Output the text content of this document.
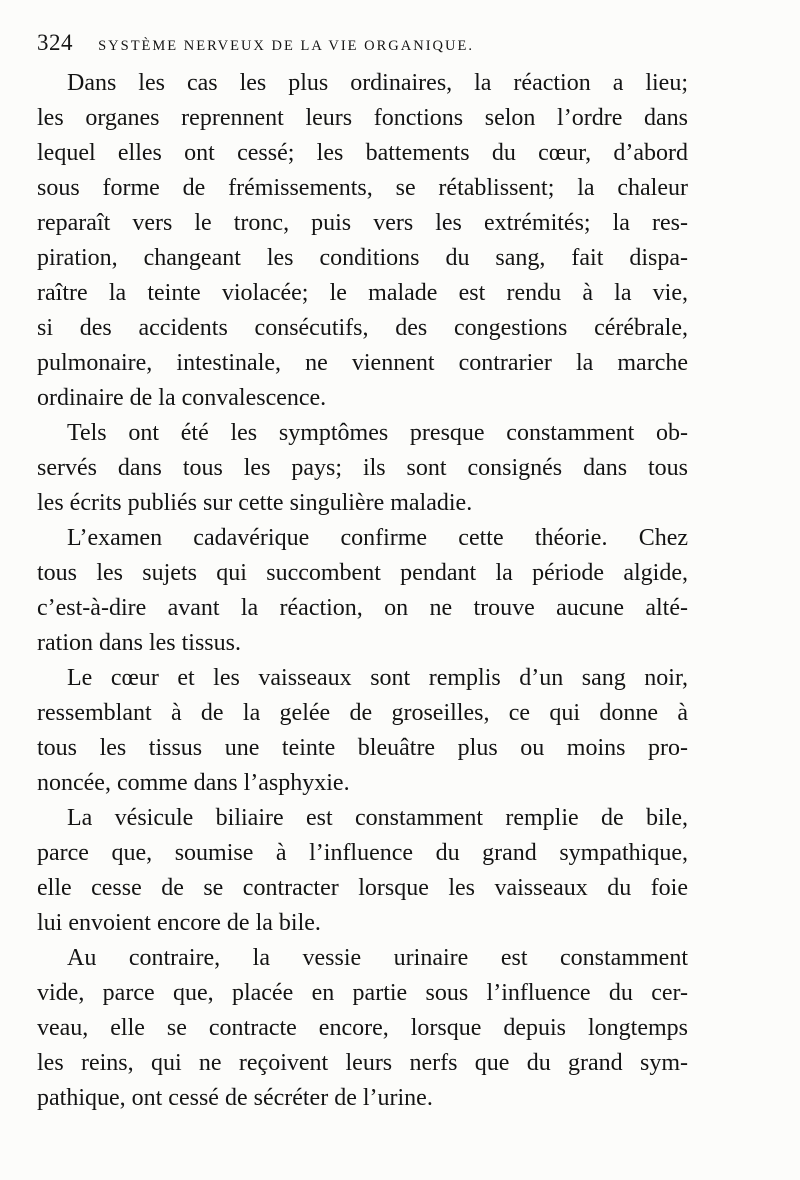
324 SYSTÈME NERVEUX DE LA VIE ORGANIQUE.

Dans les cas les plus ordinaires, la réaction a lieu;
les organes reprennent leurs fonctions selon l’ordre dans
lequel elles ont cessé; les battements du cœur, d’abord
sous forme de frémissements, se rétablissent; la chaleur
reparaît vers le tronc, puis vers les extrémités; la res-
piration, changeant les conditions du sang, fait dispa-
raître la teinte violacée; le malade est rendu à la vie,
si des accidents consécutifs, des congestions cérébrale,
pulmonaire, intestinale, ne viennent contrarier la marche
ordinaire de la convalescence.

Tels ont été les symptômes presque constamment ob-
servés dans tous les pays; ils sont consignés dans tous
les écrits publiés sur cette singulière maladie.

L’examen cadavérique confirme cette théorie. Chez
tous les sujets qui succombent pendant la période algide,
c’est-à-dire avant la réaction, on ne trouve aucune alté-
ration dans les tissus.

Le cœur et les vaisseaux sont remplis d’un sang noir,
ressemblant à de la gelée de groseilles, ce qui donne à
tous les tissus une teinte bleuâtre plus ou moins pro-
noncée, comme dans l’asphyxie.

La vésicule biliaire est constamment remplie de bile,
parce que, soumise à l’influence du grand sympathique,
elle cesse de se contracter lorsque les vaisseaux du foie
lui envoient encore de la bile.

Au contraire, la vessie urinaire est constamment
vide, parce que, placée en partie sous l’influence du cer-
veau, elle se contracte encore, lorsque depuis longtemps
les reins, qui ne reçoivent leurs nerfs que du grand sym-
pathique, ont cessé de sécréter de l’urine.
